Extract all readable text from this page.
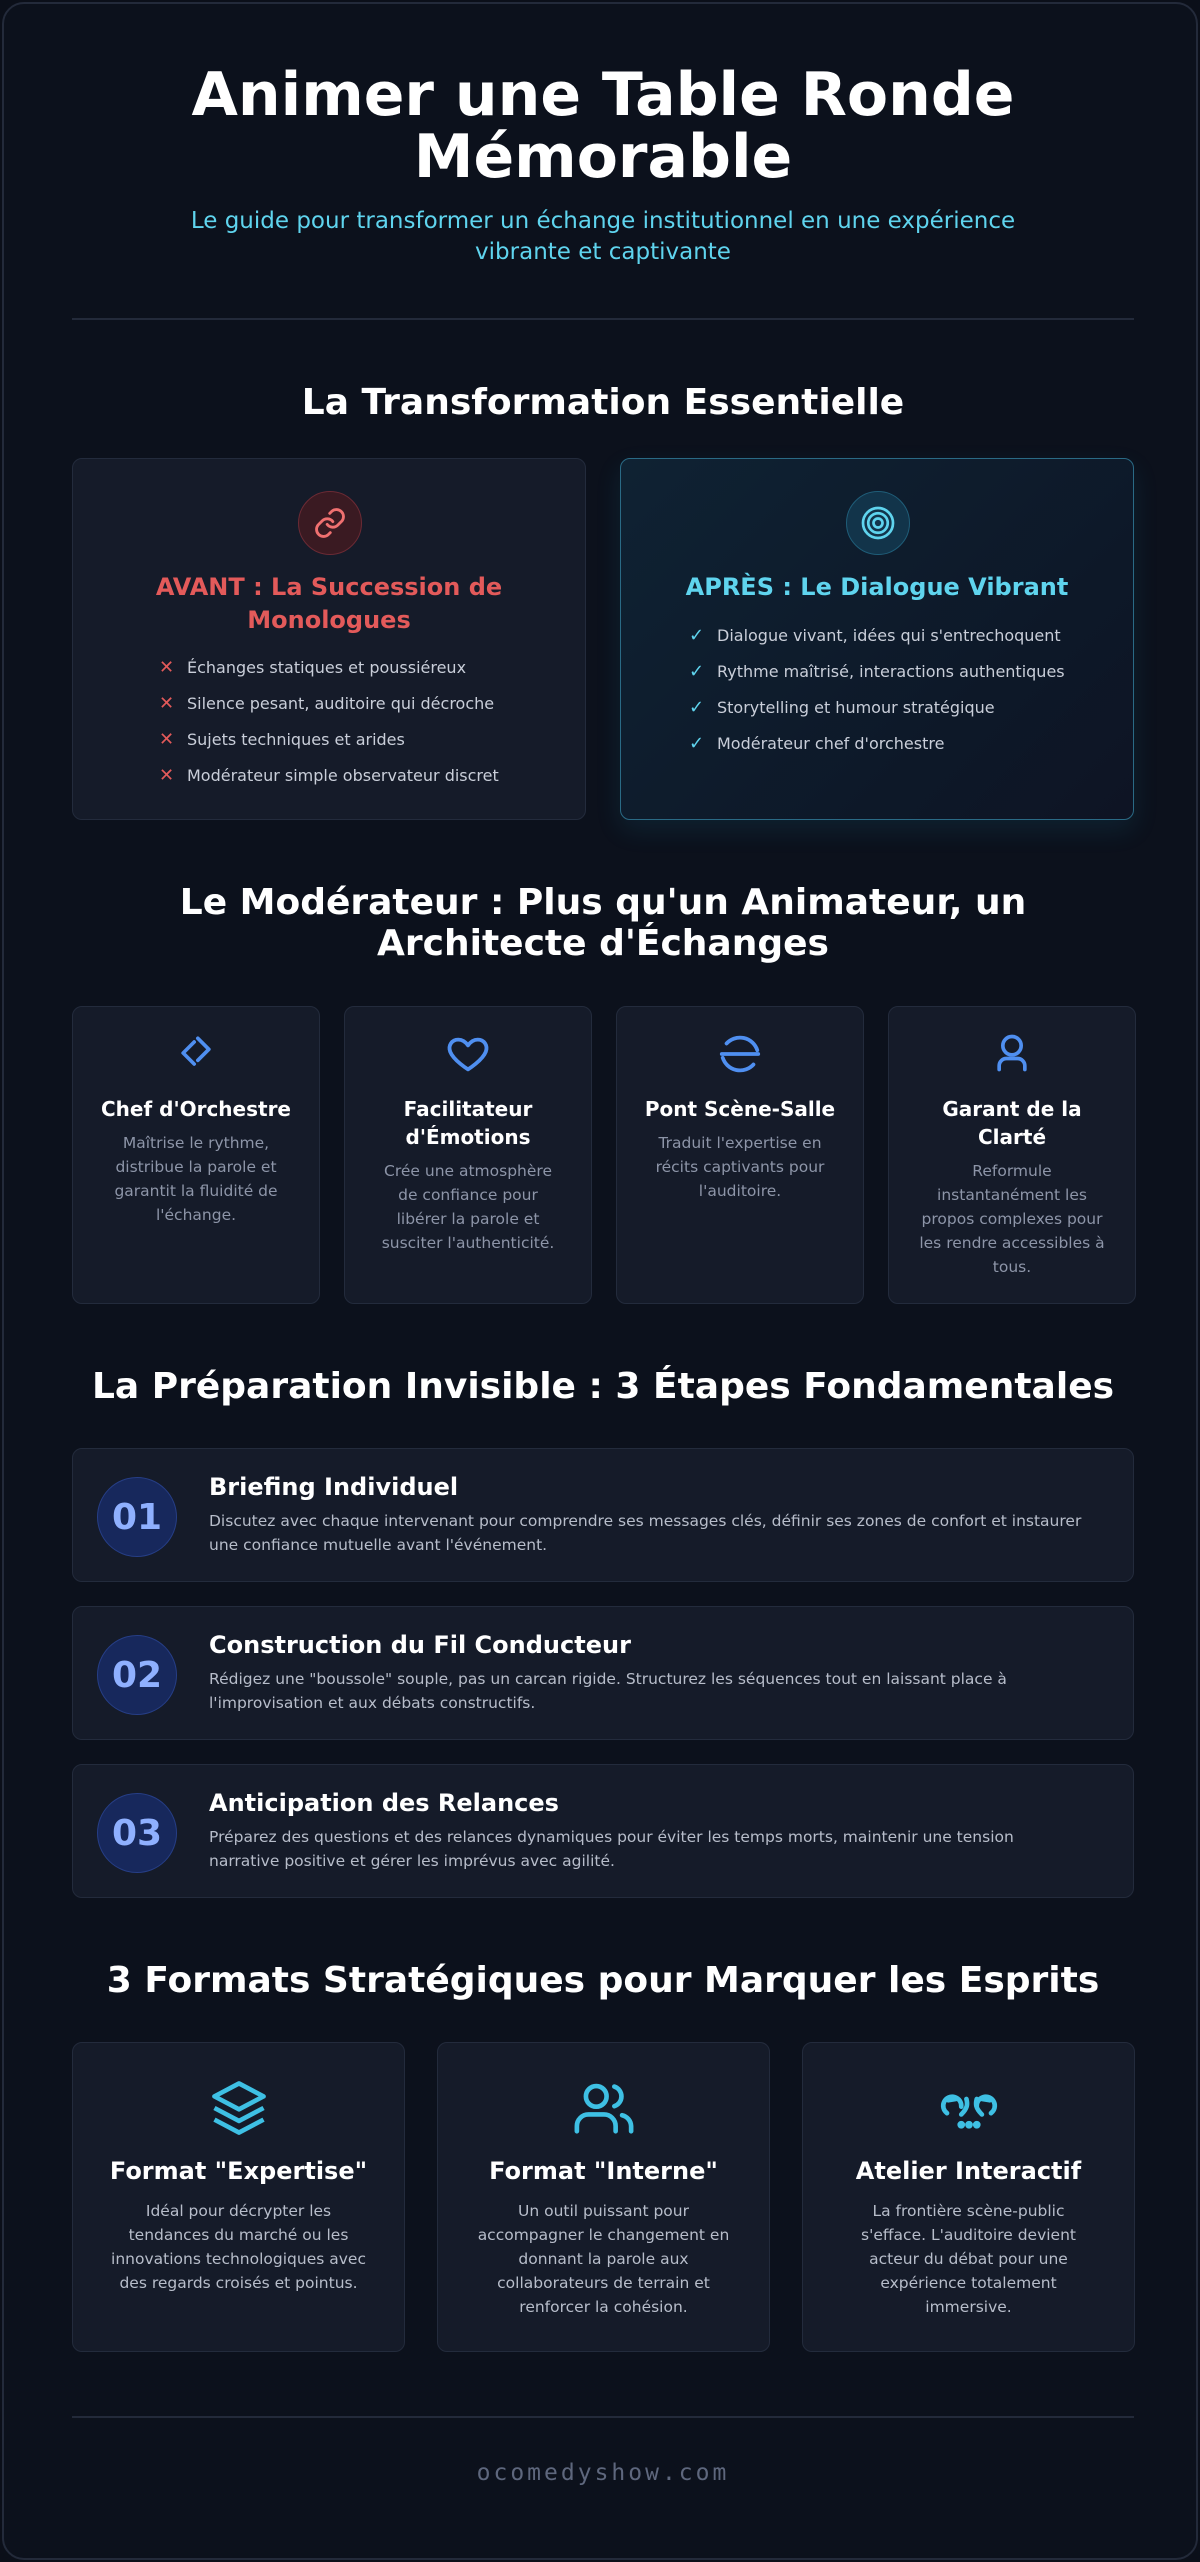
Animer une Table Ronde
Mémorable

Le guide pour transformer un échange institutionnel en une expérience
vibrante et captivante

La Transformation Essentielle
AVANT : La Succession de
Monologues
✕ Échanges statiques et poussiéreux
✕ Silence pesant, auditoire qui décroche
✕ Sujets techniques et arides
✕ Modérateur simple observateur discret
APRÈS : Le Dialogue Vibrant
✓ Dialogue vivant, idées qui s'entrechoquent
✓ Rythme maîtrisé, interactions authentiques
✓ Storytelling et humour stratégique
✓ Modérateur chef d'orchestre
Le Modérateur : Plus qu'un Animateur, un
Architecte d'Échanges
Chef d'Orchestre
Maîtrise le rythme,
distribue la parole et
garantit la fluidité de
l'échange.
Facilitateur
d'Émotions
Crée une atmosphère
de confiance pour
libérer la parole et
susciter l'authenticité.
Pont Scène-Salle
Traduit l'expertise en
récits captivants pour
l'auditoire.
Garant de la
Clarté
Reformule
instantanément les
propos complexes pour
les rendre accessibles à
tous.
La Préparation Invisible : 3 Étapes Fondamentales
01
Briefing Individuel
Discutez avec chaque intervenant pour comprendre ses messages clés, définir ses zones de confort et instaurer
une confiance mutuelle avant l'événement.
02
Construction du Fil Conducteur
Rédigez une "boussole" souple, pas un carcan rigide. Structurez les séquences tout en laissant place à
l'improvisation et aux débats constructifs.
03
Anticipation des Relances
Préparez des questions et des relances dynamiques pour éviter les temps morts, maintenir une tension
narrative positive et gérer les imprévus avec agilité.
3 Formats Stratégiques pour Marquer les Esprits
Format "Expertise"
Idéal pour décrypter les
tendances du marché ou les
innovations technologiques avec
des regards croisés et pointus.
Format "Interne"
Un outil puissant pour
accompagner le changement en
donnant la parole aux
collaborateurs de terrain et
renforcer la cohésion.
Atelier Interactif
La frontière scène-public
s'efface. L'auditoire devient
acteur du débat pour une
expérience totalement
immersive.
ocomedyshow.com
